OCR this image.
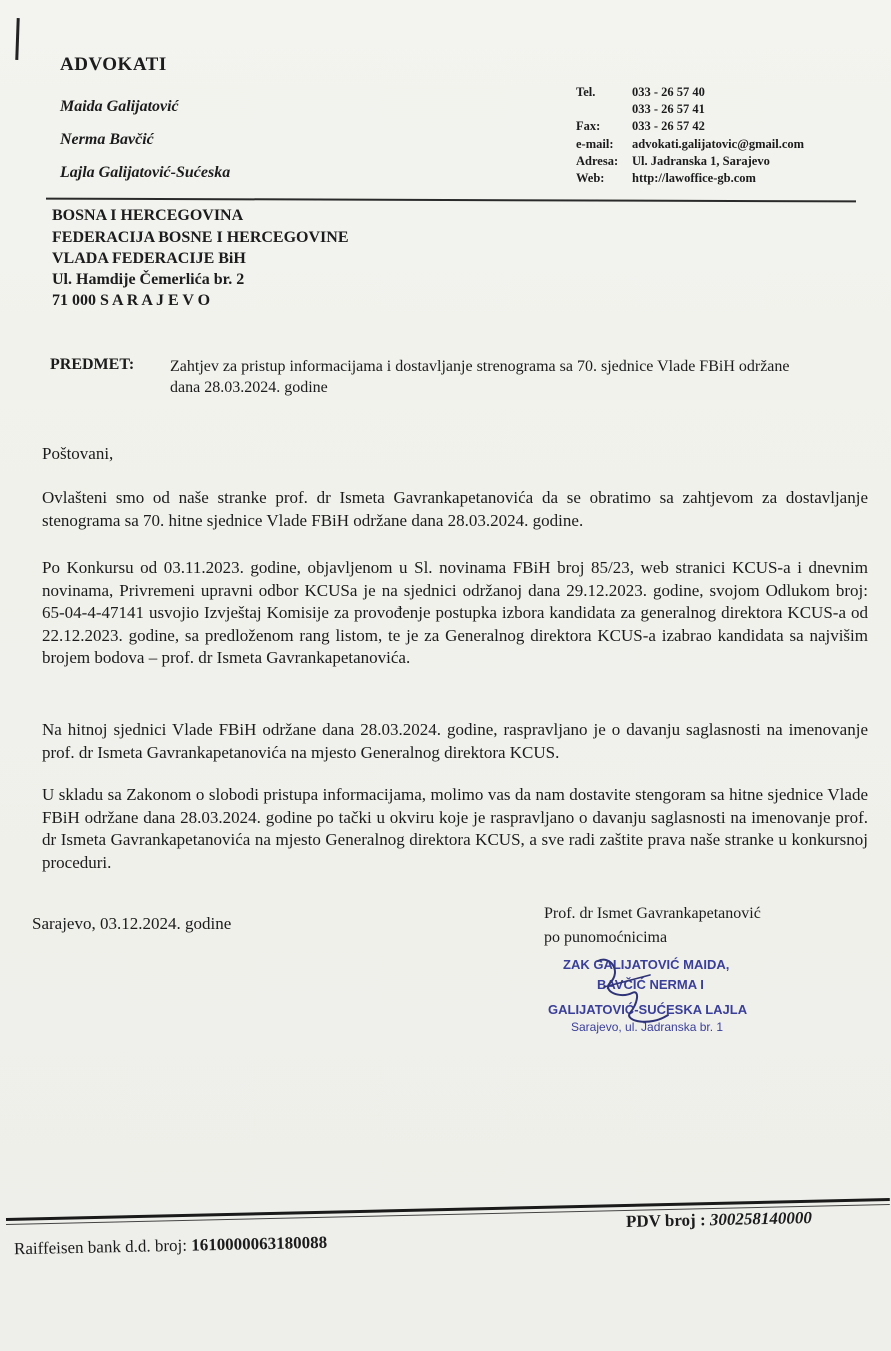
ADVOKATI
Maida Galijatović
Nerma Bavčić
Lajla Galijatović-Sućeska
Tel.	033 - 26 57 40
033 - 26 57 41
Fax:	033 - 26 57 42
e-mail: advokati.galijatovic@gmail.com
Adresa: Ul. Jadranska 1, Sarajevo
Web: http://lawoffice-gb.com
BOSNA I HERCEGOVINA
FEDERACIJA BOSNE I HERCEGOVINE
VLADA FEDERACIJE BiH
Ul. Hamdije Čemerlića br. 2
71 000 S A R A J E V O
PREDMET: Zahtjev za pristup informacijama i dostavljanje strenograma sa 70. sjednice Vlade FBiH održane dana 28.03.2024. godine
Poštovani,
Ovlašteni smo od naše stranke prof. dr Ismeta Gavrankapetanovića da se obratimo sa zahtjevom za dostavljanje stenograma sa 70. hitne sjednice Vlade FBiH održane dana 28.03.2024. godine.
Po Konkursu od 03.11.2023. godine, objavljenom u Sl. novinama FBiH broj 85/23, web stranici KCUS-a i dnevnim novinama, Privremeni upravni odbor KCUSa je na sjednici održanoj dana 29.12.2023. godine, svojom Odlukom broj: 65-04-4-47141 usvojio Izvještaj Komisije za provođenje postupka izbora kandidata za generalnog direktora KCUS-a od 22.12.2023. godine, sa predloženom rang listom, te je za Generalnog direktora KCUS-a izabrao kandidata sa najvišim brojem bodova – prof. dr Ismeta Gavrankapetanovića.
Na hitnoj sjednici Vlade FBiH održane dana 28.03.2024. godine, raspravljano je o davanju saglasnosti na imenovanje prof. dr Ismeta Gavrankapetanovića na mjesto Generalnog direktora KCUS.
U skladu sa Zakonom o slobodi pristupa informacijama, molimo vas da nam dostavite stengoram sa hitne sjednice Vlade FBiH održane dana 28.03.2024. godine po tački u okviru koje je raspravljano o davanju saglasnosti na imenovanje prof. dr Ismeta Gavrankapetanovića na mjesto Generalnog direktora KCUS, a sve radi zaštite prava naše stranke u konkursnoj proceduri.
Sarajevo, 03.12.2024. godine
Prof. dr Ismet Gavrankapetanović
po punomoćnicima
ZAK GALIJATOVIĆ MAIDA,
BAVČIĆ NERMA I
GALIJATOVIĆ-SUĆESKA LAJLA
Sarajevo, ul. Jadranska br. 1
PDV broj : 300258140000
Raiffeisen bank d.d. broj: 1610000063180088
